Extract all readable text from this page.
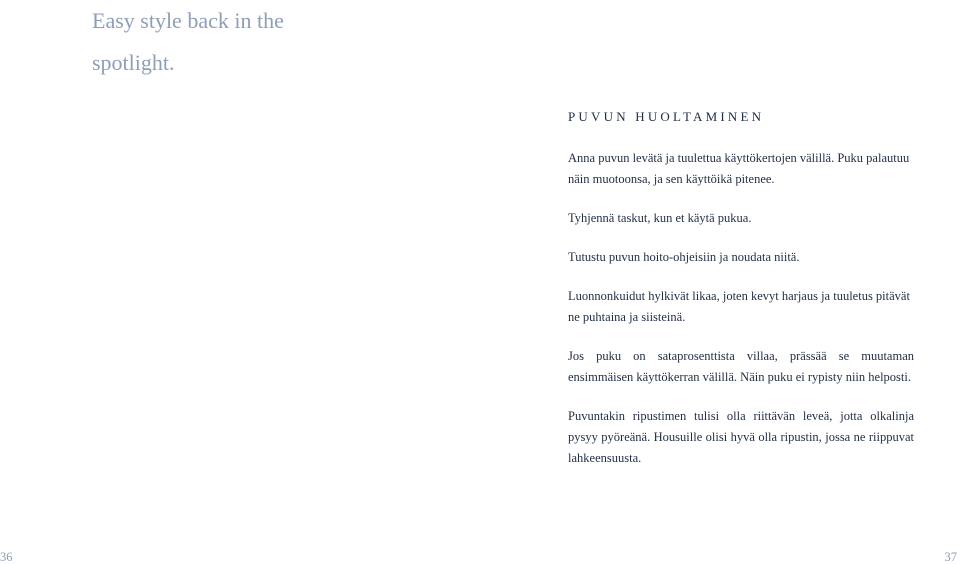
Easy style back in the spotlight.
PUVUN HUOLTAMINEN

Anna puvun levätä ja tuulettua käyttökertojen välillä. Puku palautuu näin muotoonsa, ja sen käyttöikä pitenee.

Tyhjennä taskut, kun et käytä pukua.

Tutustu puvun hoito-ohjeisiin ja noudata niitä.

Luonnonkuidut hylkivät likaa, joten kevyt harjaus ja tuuletus pitävät ne puhtaina ja siisteinä.

Jos puku on sataprosenttista villaa, prässää se muutaman ensimmäisen käyttökerran välillä. Näin puku ei rypisty niin helposti.

Puvuntakin ripustimen tulisi olla riittävän leveä, jotta olkalinja pysyy pyöreänä. Housuille olisi hyvä olla ripustin, jossa ne riippuvat lahkeensuusta.

36	37
